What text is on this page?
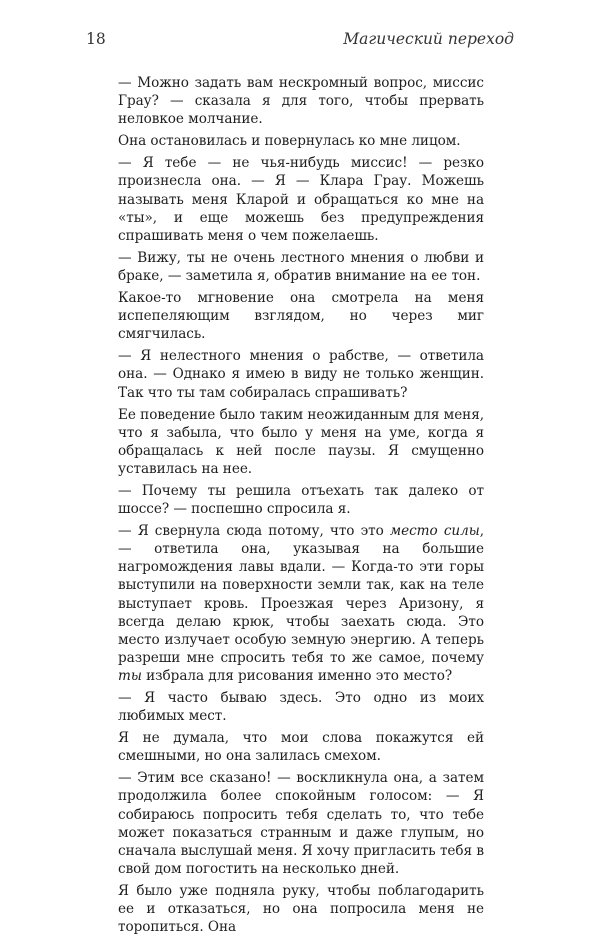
18	Магический переход

— Можно задать вам нескромный вопрос, миссис Грау? — сказала я для того, чтобы прервать неловкое молчание.

Она остановилась и повернулась ко мне лицом.

— Я тебе — не чья-нибудь миссис! — резко произнесла она. — Я — Клара Грау. Можешь называть меня Кларой и обращаться ко мне на «ты», и еще можешь без предупреждения спрашивать меня о чем пожелаешь.

— Вижу, ты не очень лестного мнения о любви и браке, — заметила я, обратив внимание на ее тон.

Какое-то мгновение она смотрела на меня испепеляющим взглядом, но через миг смягчилась.

— Я нелестного мнения о рабстве, — ответила она. — Однако я имею в виду не только женщин. Так что ты там собиралась спрашивать?

Ее поведение было таким неожиданным для меня, что я забыла, что было у меня на уме, когда я обращалась к ней после паузы. Я смущенно уставилась на нее.

— Почему ты решила отъехать так далеко от шоссе? — поспешно спросила я.

— Я свернула сюда потому, что это место силы, — ответила она, указывая на большие нагромождения лавы вдали. — Когда-то эти горы выступили на поверхности земли так, как на теле выступает кровь. Проезжая через Аризону, я всегда делаю крюк, чтобы заехать сюда. Это место излучает особую земную энергию. А теперь разреши мне спросить тебя то же самое, почему ты избрала для рисования именно это место?

— Я часто бываю здесь. Это одно из моих любимых мест.

Я не думала, что мои слова покажутся ей смешными, но она залилась смехом.

— Этим все сказано! — воскликнула она, а затем продолжила более спокойным голосом: — Я собираюсь попросить тебя сделать то, что тебе может показаться странным и даже глупым, но сначала выслушай меня. Я хочу пригласить тебя в свой дом погостить на несколько дней.

Я было уже подняла руку, чтобы поблагодарить ее и отказаться, но она попросила меня не торопиться. Она
